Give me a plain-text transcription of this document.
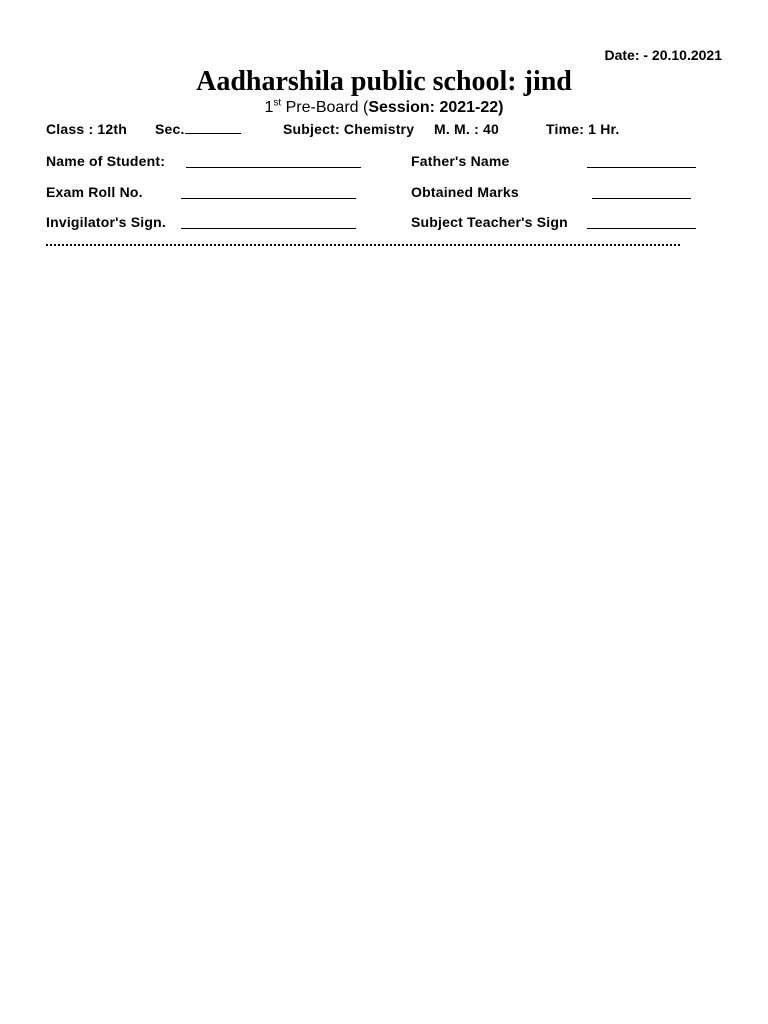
Date: - 20.10.2021
Aadharshila public school: jind
1st Pre-Board (Session: 2021-22)
Class : 12th Sec.	Subject: Chemistry M. M. : 40	Time: 1 Hr.
Name of Student:	Father's Name
Exam Roll No.	Obtained Marks
Invigilator's Sign.	Subject Teacher's Sign
